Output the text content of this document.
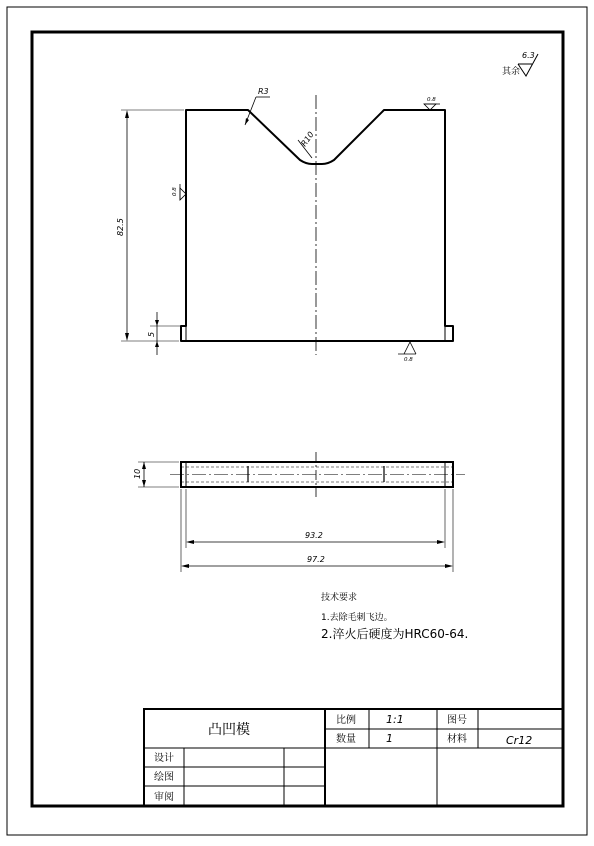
其余
6.3
R3
R10
0.8
0.8
0.8
82.5
5
10
93.2
97.2
技术要求
1.去除毛刺飞边。
2.淬火后硬度为HRC60-64.
凸凹模
比例	1:1	图号
数量	1	材料	Cr12
设计
绘图
审阅
